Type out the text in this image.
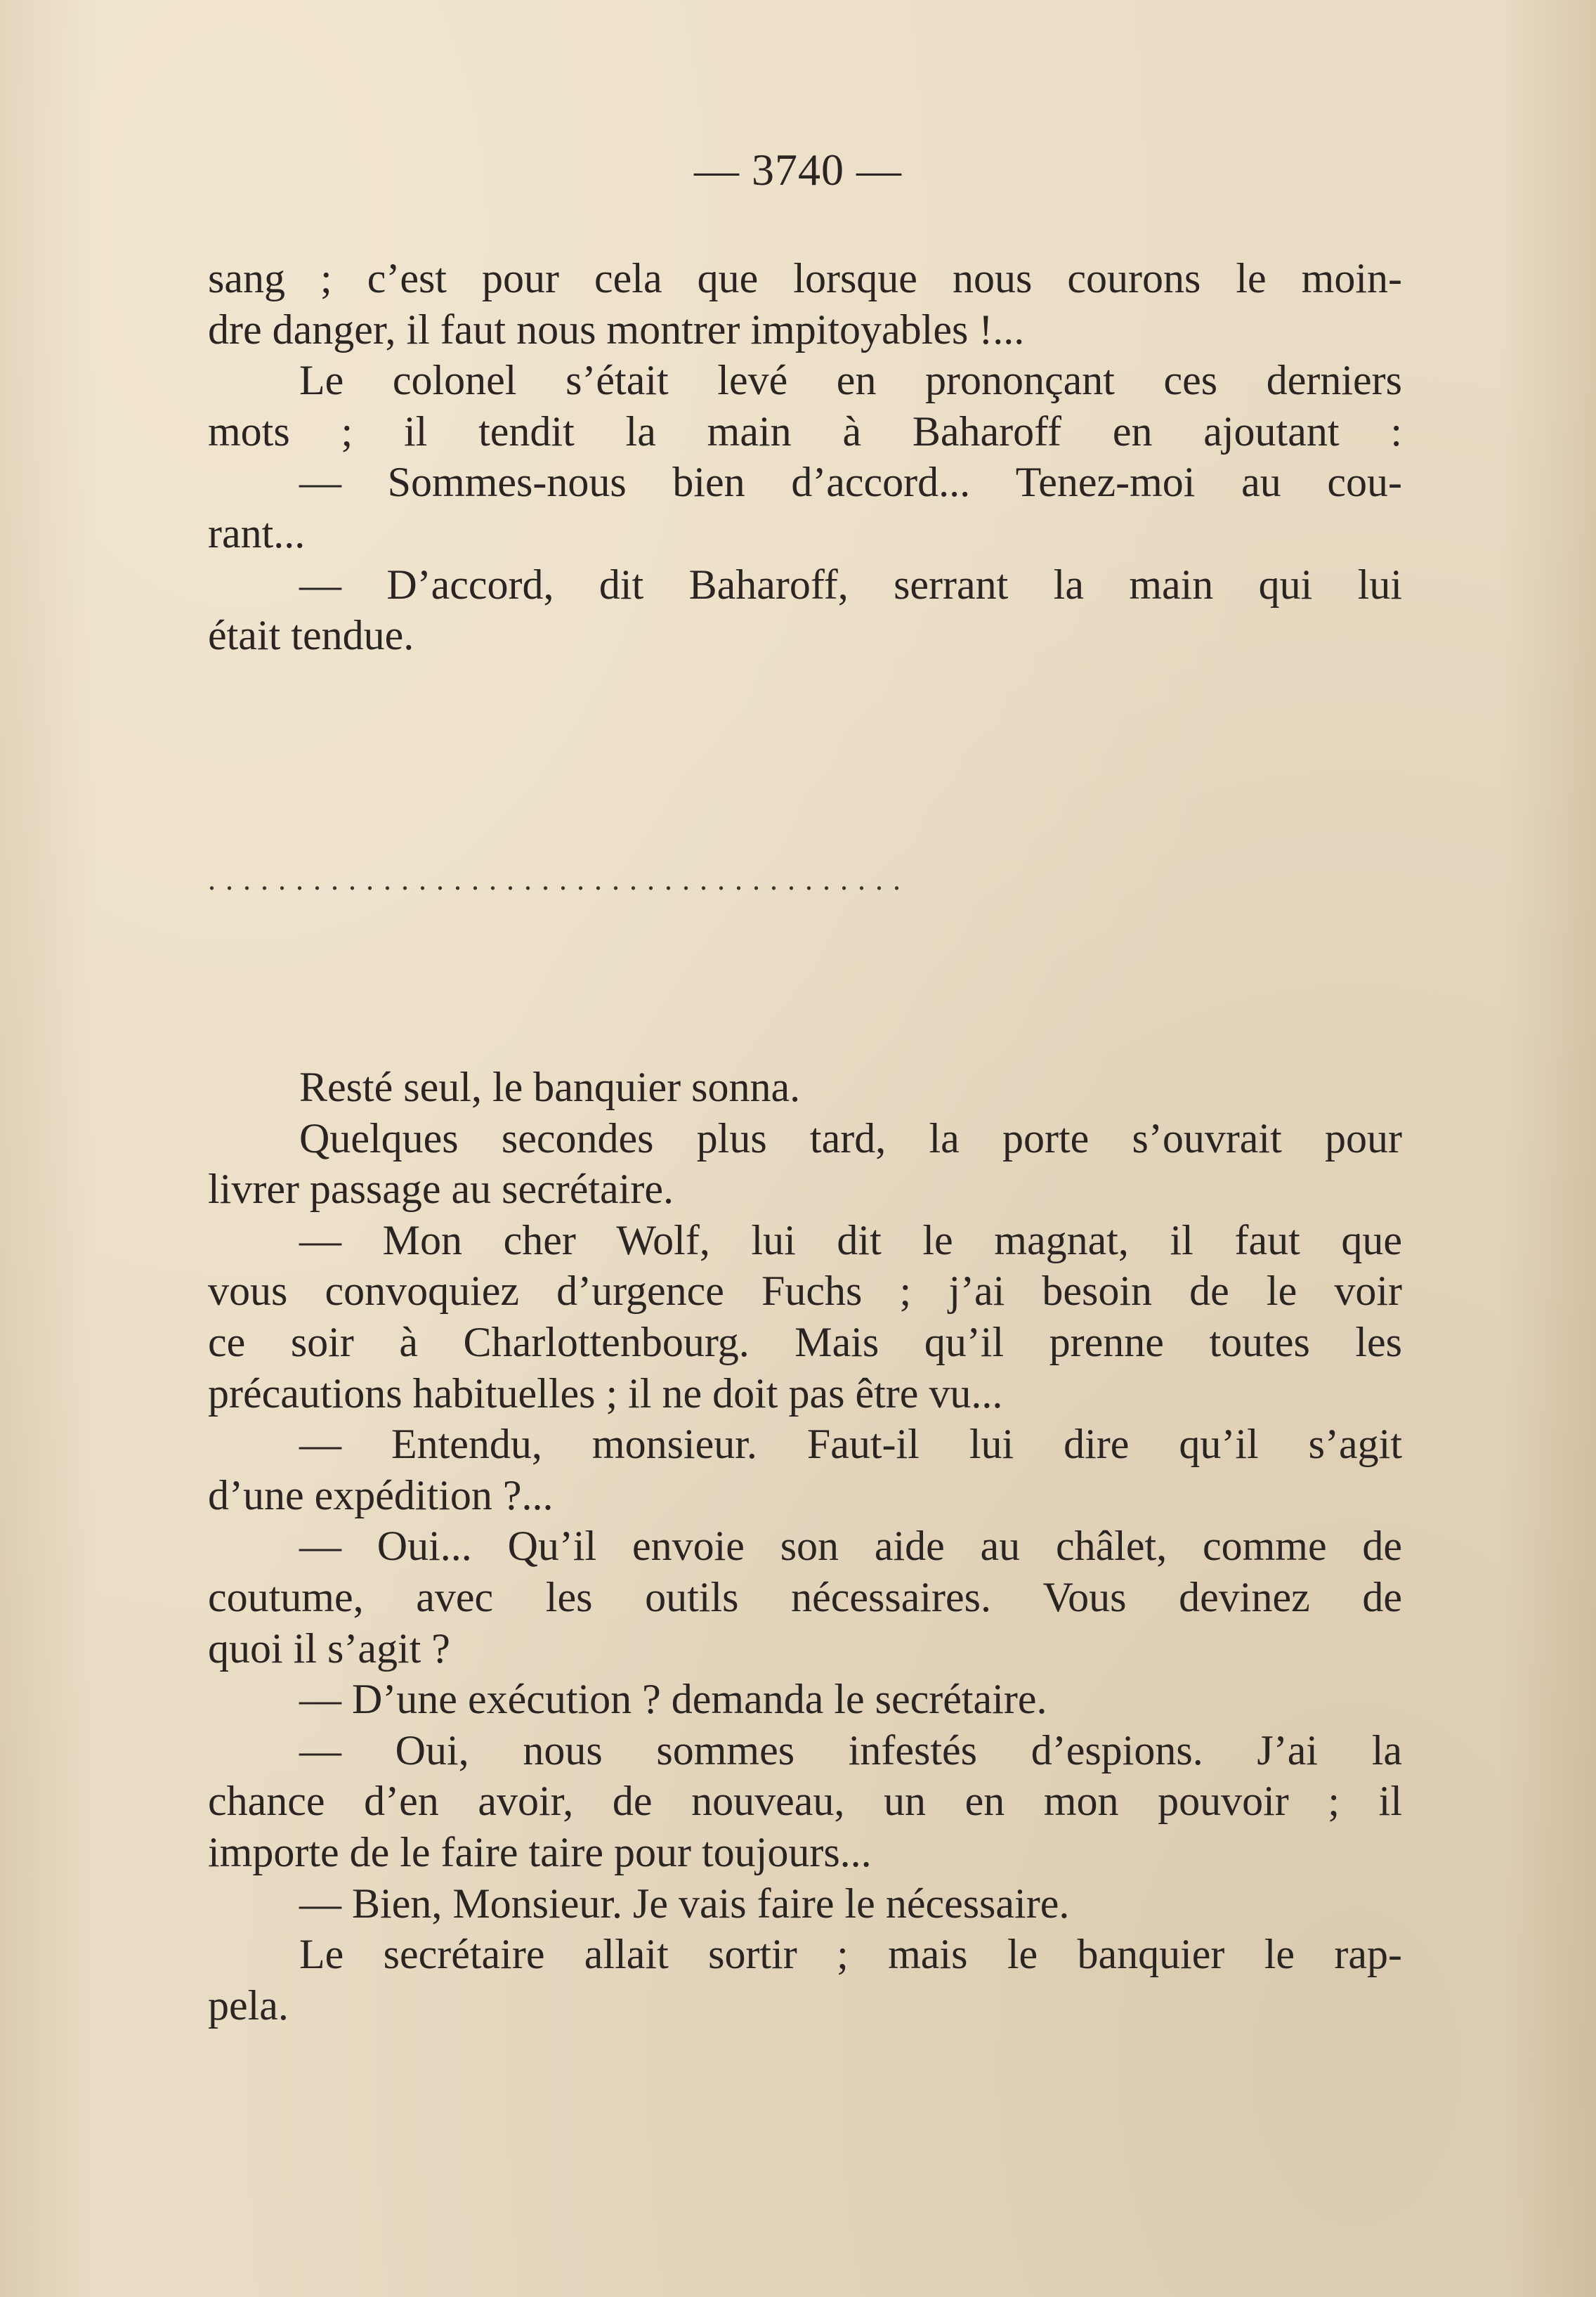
— 3740 —
sang ; c’est pour cela que lorsque nous courons le moin-
dre danger, il faut nous montrer impitoyables !...
Le colonel s’était levé en prononçant ces derniers
mots ; il tendit la main à Baharoff en ajoutant :
— Sommes-nous bien d’accord... Tenez-moi au cou-
rant...
— D’accord, dit Baharoff, serrant la main qui lui
était tendue.
........................................
Resté seul, le banquier sonna.
Quelques secondes plus tard, la porte s’ouvrait pour
livrer passage au secrétaire.
— Mon cher Wolf, lui dit le magnat, il faut que
vous convoquiez d’urgence Fuchs ; j’ai besoin de le voir
ce soir à Charlottenbourg. Mais qu’il prenne toutes les
précautions habituelles ; il ne doit pas être vu...
— Entendu, monsieur. Faut-il lui dire qu’il s’agit
d’une expédition ?...
— Oui... Qu’il envoie son aide au châlet, comme de
coutume, avec les outils nécessaires. Vous devinez de
quoi il s’agit ?
— D’une exécution ? demanda le secrétaire.
— Oui, nous sommes infestés d’espions. J’ai la
chance d’en avoir, de nouveau, un en mon pouvoir ; il
importe de le faire taire pour toujours...
— Bien, Monsieur. Je vais faire le nécessaire.
Le secrétaire allait sortir ; mais le banquier le rap-
pela.
